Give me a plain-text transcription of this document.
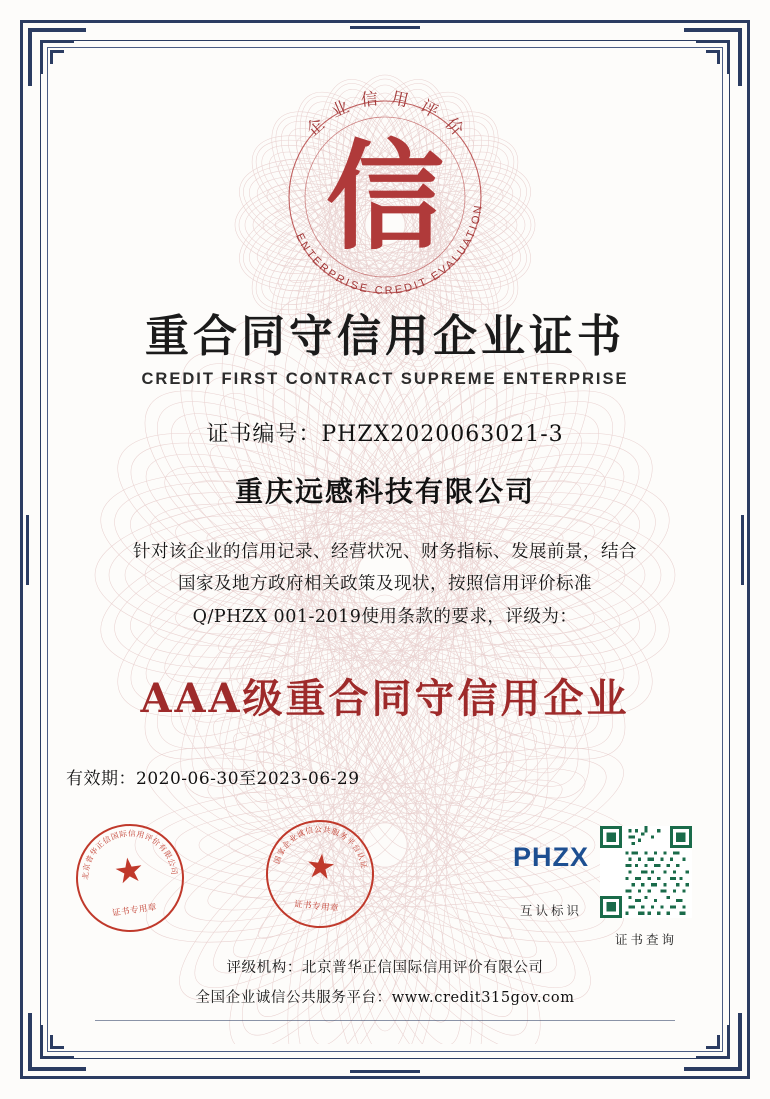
企业信用评价
ENTERPRISE CREDIT EVALUATION
信
重合同守信用企业证书
CREDIT FIRST CONTRACT SUPREME ENTERPRISE
证书编号：PHZX2020063021-3
重庆远感科技有限公司
针对该企业的信用记录、经营状况、财务指标、发展前景，结合
国家及地方政府相关政策及现状，按照信用评价标准
Q/PHZX 001-2019使用条款的要求，评级为：
AAA级重合同守信用企业
有效期：2020-06-30至2023-06-29
北京普华正信国际信用评价有限公司
★
证书专用章
国家企业诚信公共服务平台认证
★
证书专用章
PHZX
互认标识
证书查询
评级机构：北京普华正信国际信用评价有限公司
全国企业诚信公共服务平台：www.credit315gov.com
